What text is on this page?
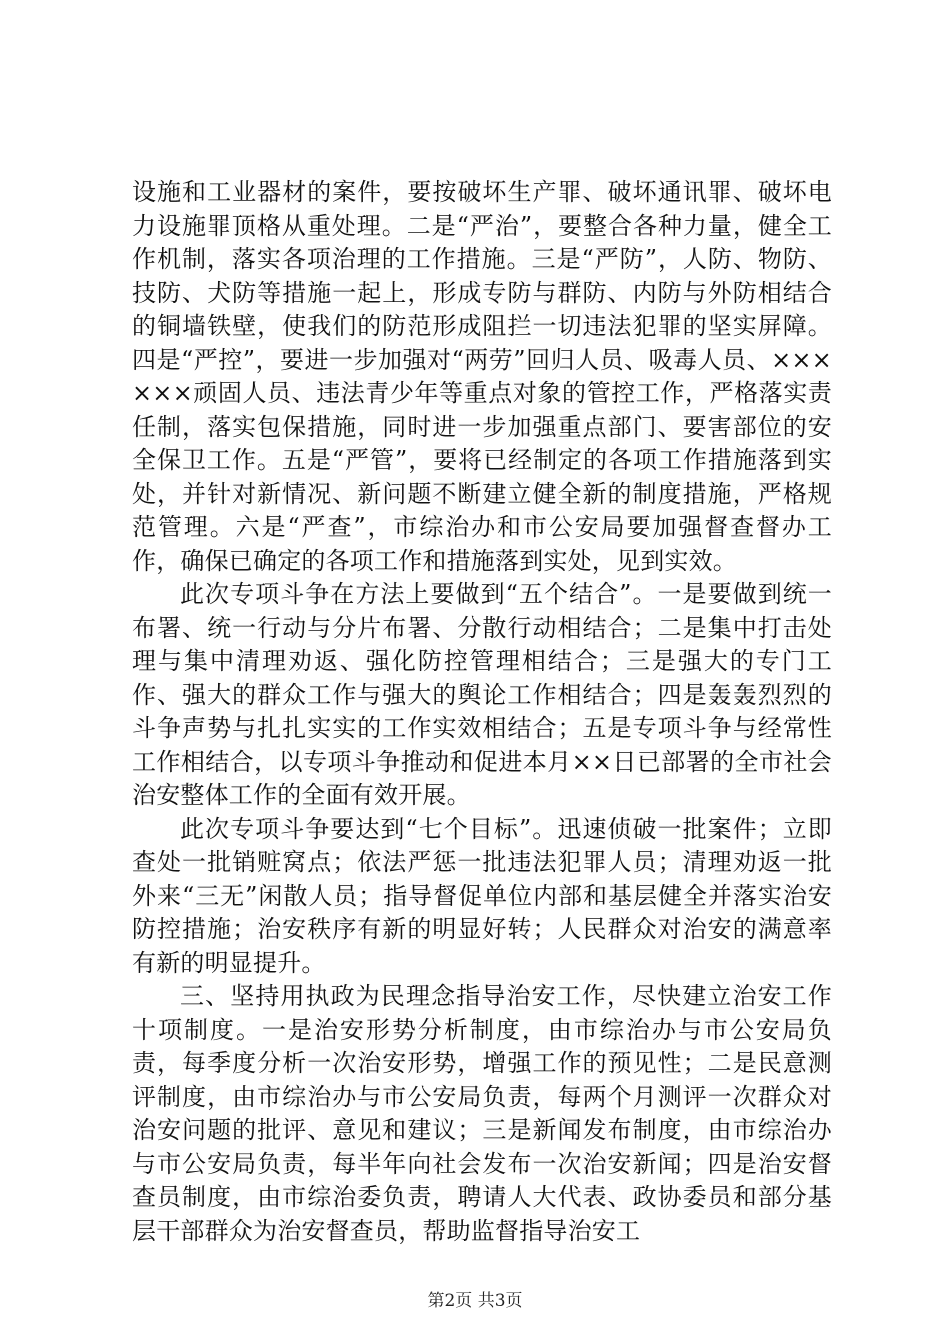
设施和工业器材的案件，要按破坏生产罪、破坏通讯罪、破坏电力设施罪顶格从重处理。二是“严治”，要整合各种力量，健全工作机制，落实各项治理的工作措施。三是“严防”，人防、物防、技防、犬防等措施一起上，形成专防与群防、内防与外防相结合的铜墙铁壁，使我们的防范形成阻拦一切违法犯罪的坚实屏障。四是“严控”，要进一步加强对“两劳”回归人员、吸毒人员、××××××顽固人员、违法青少年等重点对象的管控工作，严格落实责任制，落实包保措施，同时进一步加强重点部门、要害部位的安全保卫工作。五是“严管”，要将已经制定的各项工作措施落到实处，并针对新情况、新问题不断建立健全新的制度措施，严格规范管理。六是“严查”，市综治办和市公安局要加强督查督办工作，确保已确定的各项工作和措施落到实处，见到实效。

此次专项斗争在方法上要做到“五个结合”。一是要做到统一布署、统一行动与分片布署、分散行动相结合；二是集中打击处理与集中清理劝返、强化防控管理相结合；三是强大的专门工作、强大的群众工作与强大的舆论工作相结合；四是轰轰烈烈的斗争声势与扎扎实实的工作实效相结合；五是专项斗争与经常性工作相结合，以专项斗争推动和促进本月××日已部署的全市社会治安整体工作的全面有效开展。

此次专项斗争要达到“七个目标”。迅速侦破一批案件；立即查处一批销赃窝点；依法严惩一批违法犯罪人员；清理劝返一批外来“三无”闲散人员；指导督促单位内部和基层健全并落实治安防控措施；治安秩序有新的明显好转；人民群众对治安的满意率有新的明显提升。

三、坚持用执政为民理念指导治安工作，尽快建立治安工作十项制度。一是治安形势分析制度，由市综治办与市公安局负责，每季度分析一次治安形势，增强工作的预见性；二是民意测评制度，由市综治办与市公安局负责，每两个月测评一次群众对治安问题的批评、意见和建议；三是新闻发布制度，由市综治办与市公安局负责，每半年向社会发布一次治安新闻；四是治安督查员制度，由市综治委负责，聘请人大代表、政协委员和部分基层干部群众为治安督查员，帮助监督指导治安工

第2页 共3页
